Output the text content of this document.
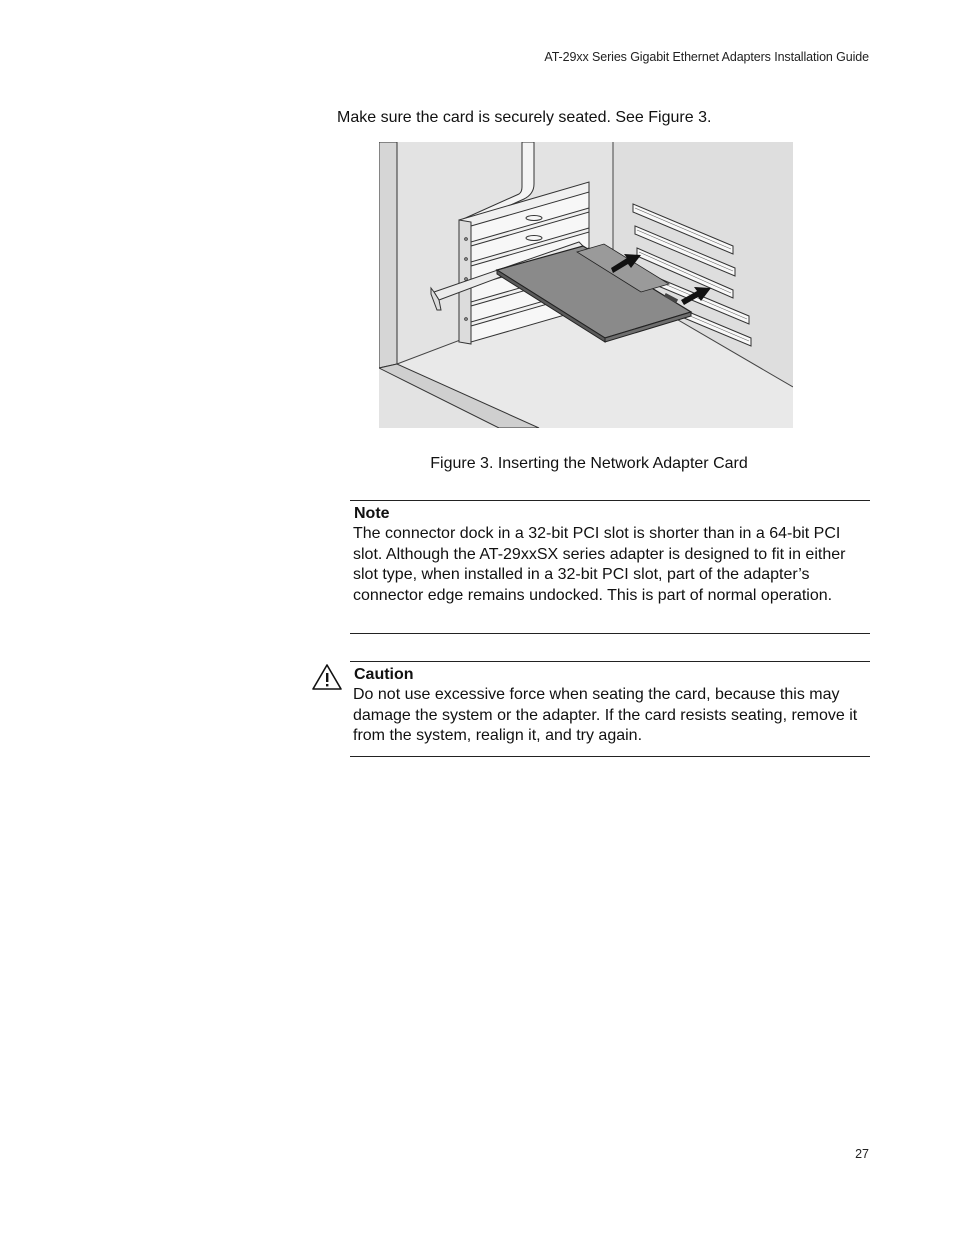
AT-29xx Series Gigabit Ethernet Adapters Installation Guide
Make sure the card is securely seated. See Figure 3.
Figure 3. Inserting the Network Adapter Card
Note
The connector dock in a 32-bit PCI slot is shorter than in a 64-bit PCI slot. Although the AT-29xxSX series adapter is designed to fit in either slot type, when installed in a 32-bit PCI slot, part of the adapter’s connector edge remains undocked. This is part of normal operation.
Caution
Do not use excessive force when seating the card, because this may damage the system or the adapter. If the card resists seating, remove it from the system, realign it, and try again.
27
